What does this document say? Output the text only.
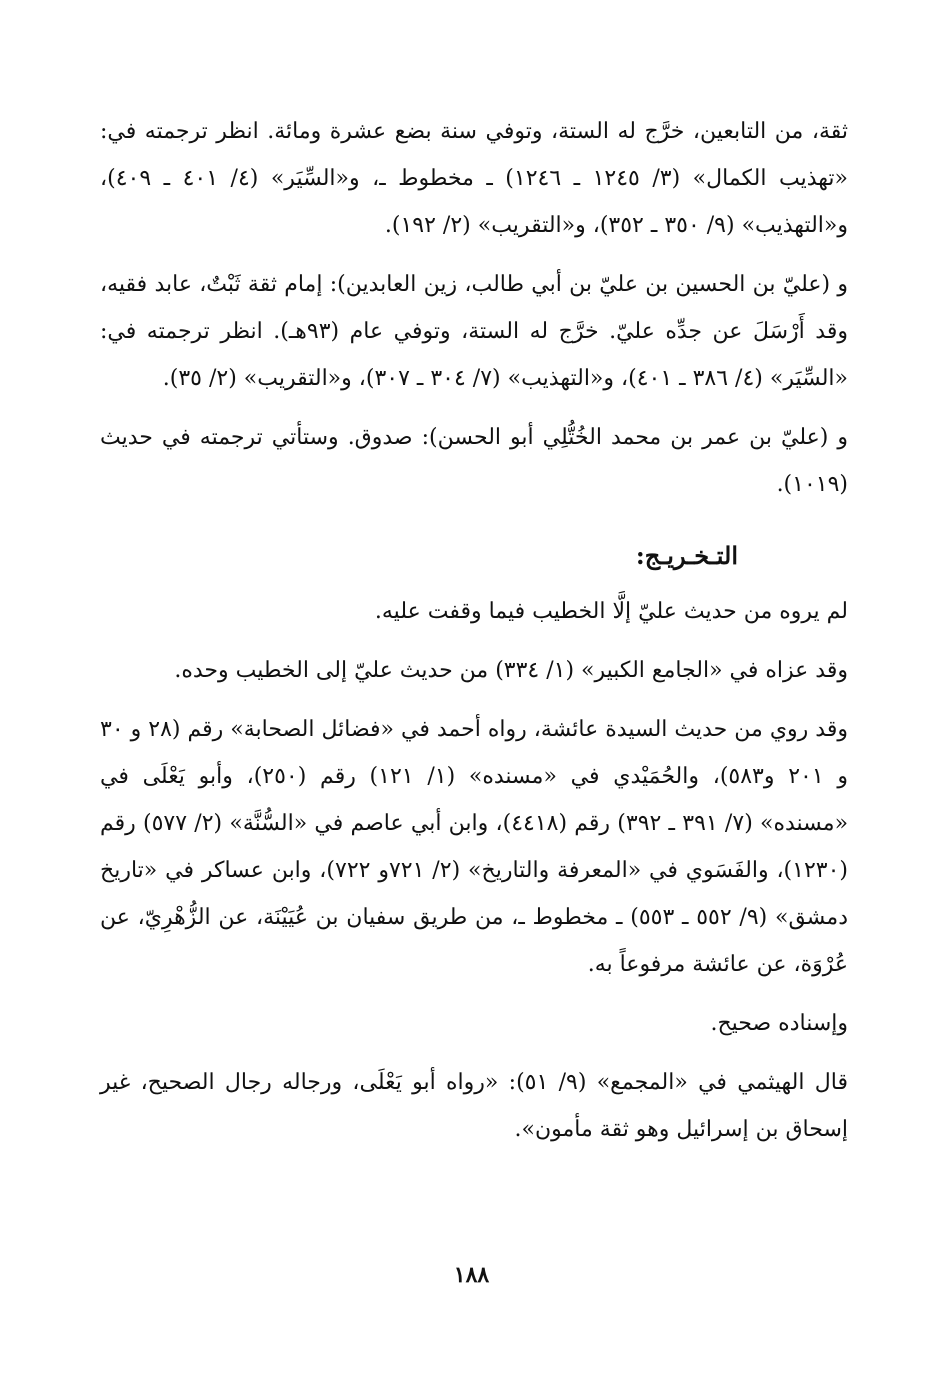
ثقة، من التابعين، خرَّج له الستة، وتوفي سنة بضع عشرة ومائة. انظر ترجمته في: «تهذيب الكمال» (٣/ ١٢٤٥ ـ ١٢٤٦) ـ مخطوط ـ، و«السِّيَر» (٤/ ٤٠١ ـ ٤٠٩)، و«التهذيب» (٩/ ٣٥٠ ـ ٣٥٢)، و«التقريب» (٢/ ١٩٢).

و (عليّ بن الحسين بن عليّ بن أبي طالب، زين العابدين): إمام ثقة ثَبْتٌ، عابد فقيه، وقد أَرْسَلَ عن جدِّه عليّ. خرَّج له الستة، وتوفي عام (٩٣هـ). انظر ترجمته في: «السِّيَر» (٤/ ٣٨٦ ـ ٤٠١)، و«التهذيب» (٧/ ٣٠٤ ـ ٣٠٧)، و«التقريب» (٢/ ٣٥).

و (عليّ بن عمر بن محمد الخُتُّلِي أبو الحسن): صدوق. وستأتي ترجمته في حديث (١٠١٩).

التـخـريـج:

لم يروه من حديث عليّ إلَّا الخطيب فيما وقفت عليه.

وقد عزاه في «الجامع الكبير» (١/ ٣٣٤) من حديث عليّ إلى الخطيب وحده.

وقد روي من حديث السيدة عائشة، رواه أحمد في «فضائل الصحابة» رقم (٢٨ و ٣٠ و ٢٠١ و٥٨٣)، والحُمَيْدي في «مسنده» (١/ ١٢١) رقم (٢٥٠)، وأبو يَعْلَى في «مسنده» (٧/ ٣٩١ ـ ٣٩٢) رقم (٤٤١٨)، وابن أبي عاصم في «السُّنَّة» (٢/ ٥٧٧) رقم (١٢٣٠)، والفَسَوي في «المعرفة والتاريخ» (٢/ ٧٢١و ٧٢٢)، وابن عساكر في «تاريخ دمشق» (٩/ ٥٥٢ ـ ٥٥٣) ـ مخطوط ـ، من طريق سفيان بن عُيَيْنَة، عن الزُّهْرِيّ، عن عُرْوَة، عن عائشة مرفوعاً به.

وإسناده صحيح.

قال الهيثمي في «المجمع» (٩/ ٥١): «رواه أبو يَعْلَى، ورجاله رجال الصحيح، غير إسحاق بن إسرائيل وهو ثقة مأمون».

١٨٨
